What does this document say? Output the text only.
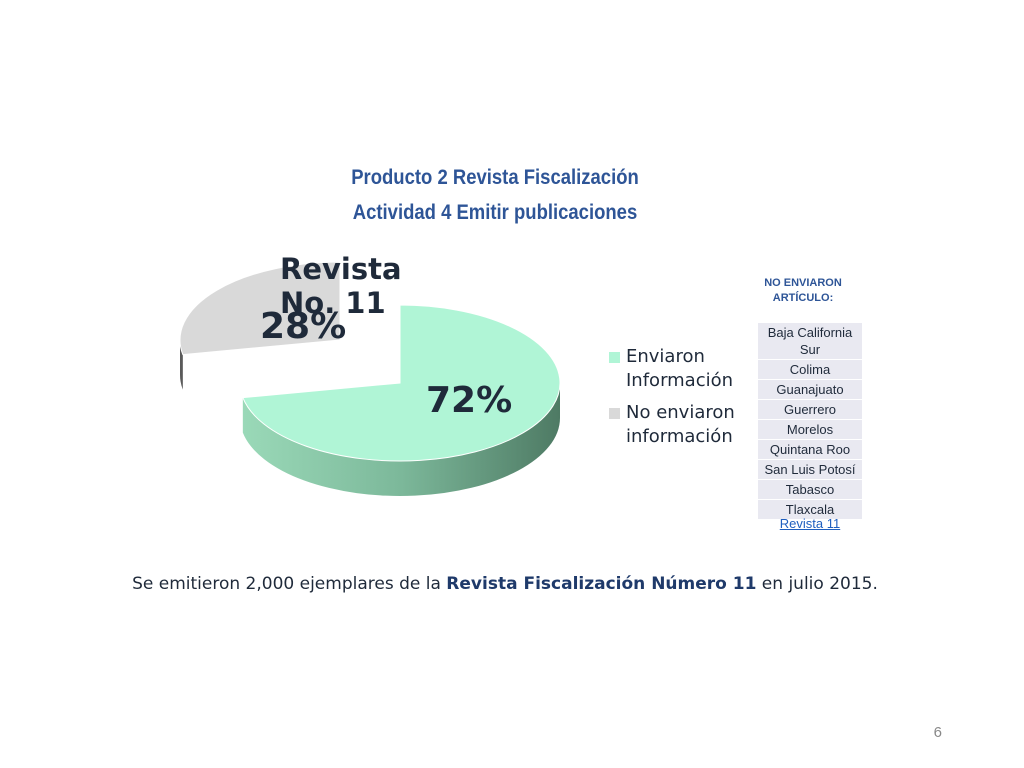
Producto 2 Revista Fiscalización
Actividad 4 Emitir publicaciones
Revista No. 11
28%
72%
Enviaron Información
No enviaron información
NO ENVIARON ARTÍCULO:
Baja California Sur
Colima
Guanajuato
Guerrero
Morelos
Quintana Roo
San Luis Potosí
Tabasco
Tlaxcala
Revista 11
Se emitieron 2,000 ejemplares de la Revista Fiscalización Número 11 en julio 2015.
6
